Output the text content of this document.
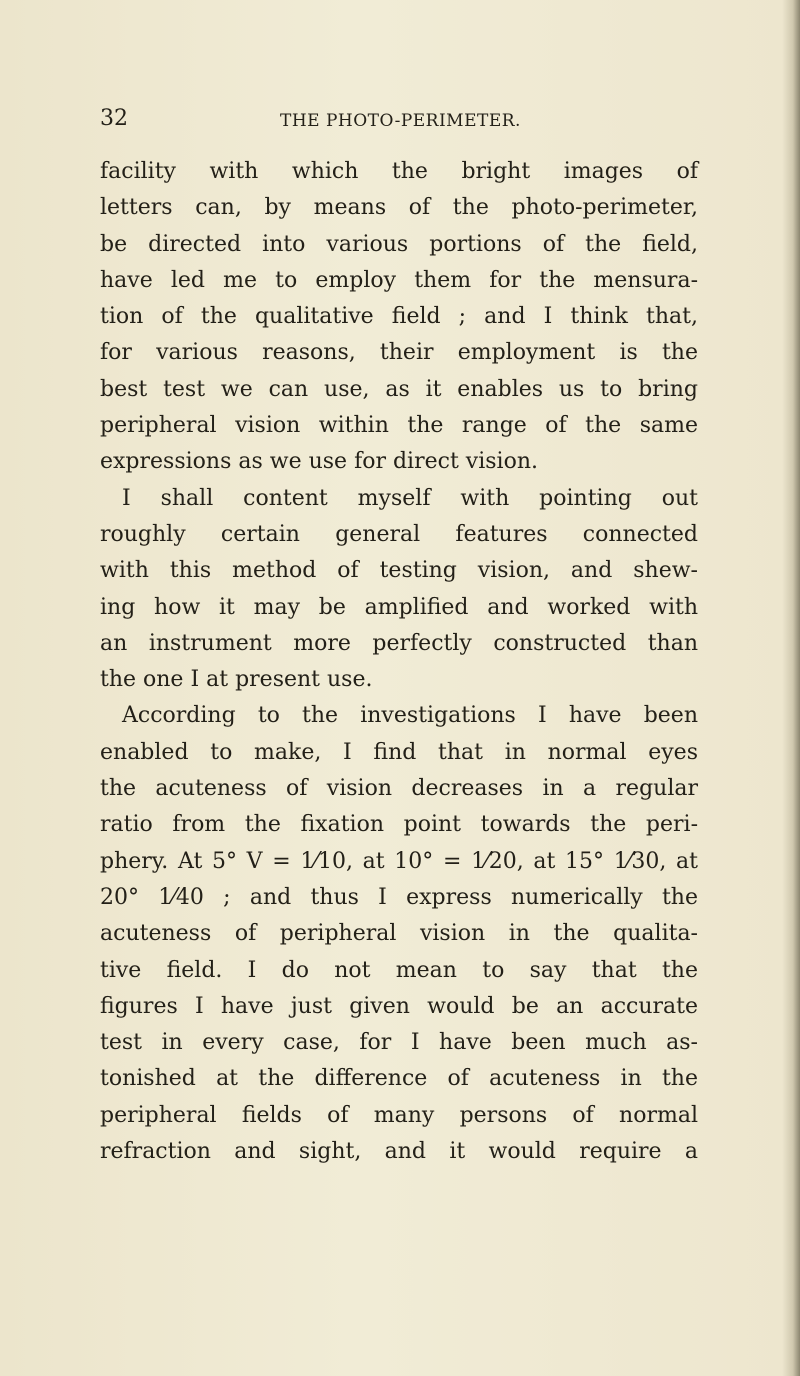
32	THE PHOTO-PERIMETER.
facility with which the bright images of
letters can, by means of the photo-perimeter,
be directed into various portions of the field,
have led me to employ them for the mensura-
tion of the qualitative field ; and I think that,
for various reasons, their employment is the
best test we can use, as it enables us to bring
peripheral vision within the range of the same
expressions as we use for direct vision.
I shall content myself with pointing out
roughly certain general features connected
with this method of testing vision, and shew-
ing how it may be amplified and worked with
an instrument more perfectly constructed than
the one I at present use.
According to the investigations I have been
enabled to make, I find that in normal eyes
the acuteness of vision decreases in a regular
ratio from the fixation point towards the peri-
phery. At 5° V = 1⁄10, at 10° = 1⁄20, at 15° 1⁄30, at
20° 1⁄40 ; and thus I express numerically the
acuteness of peripheral vision in the qualita-
tive field. I do not mean to say that the
figures I have just given would be an accurate
test in every case, for I have been much as-
tonished at the difference of acuteness in the
peripheral fields of many persons of normal
refraction and sight, and it would require a
